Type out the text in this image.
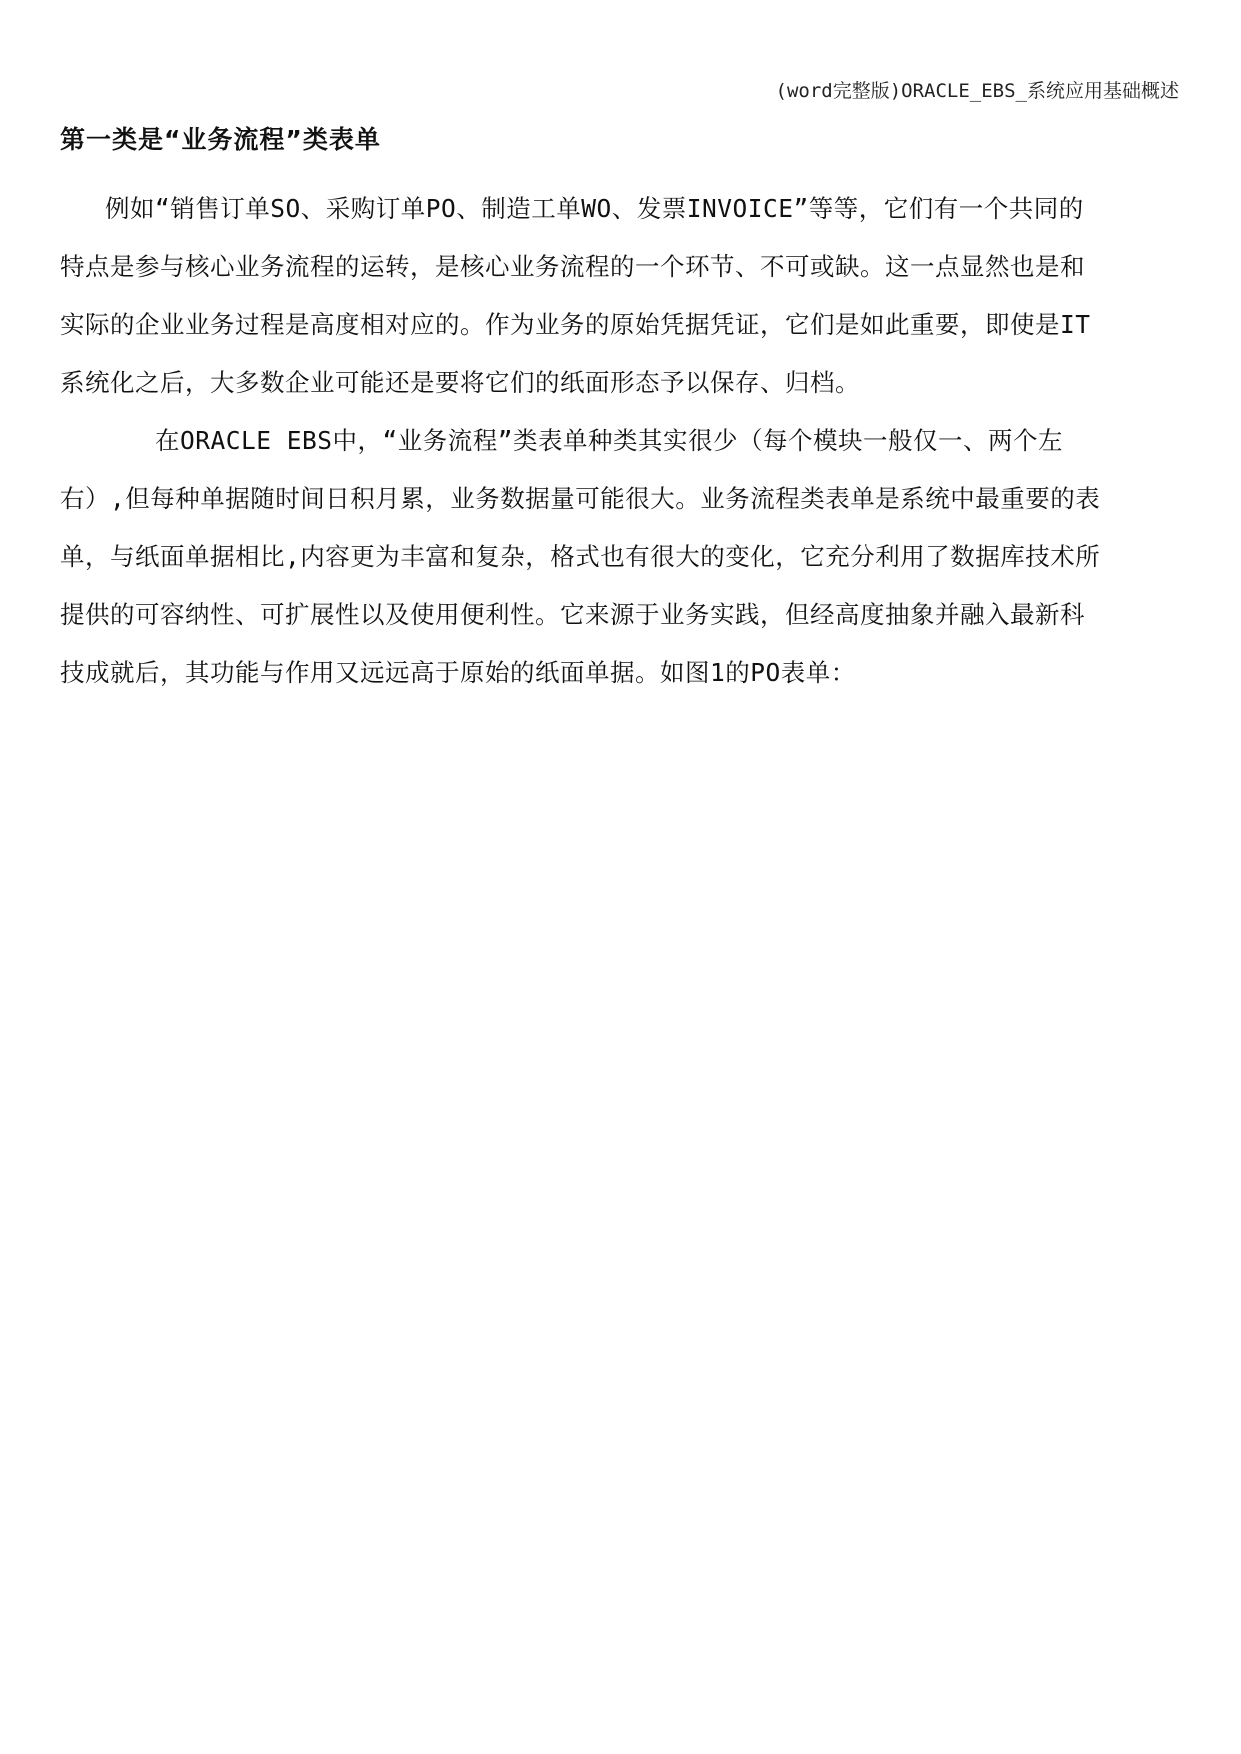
(word完整版)ORACLE_EBS_系统应用基础概述
第一类是“业务流程”类表单
例如“销售订单SO、采购订单PO、制造工单WO、发票INVOICE”等等，它们有一个共同的
特点是参与核心业务流程的运转，是核心业务流程的一个环节、不可或缺。这一点显然也是和
实际的企业业务过程是高度相对应的。作为业务的原始凭据凭证，它们是如此重要，即使是IT
系统化之后，大多数企业可能还是要将它们的纸面形态予以保存、归档。
在ORACLE EBS中，“业务流程”类表单种类其实很少（每个模块一般仅一、两个左
右）,但每种单据随时间日积月累，业务数据量可能很大。业务流程类表单是系统中最重要的表
单，与纸面单据相比,内容更为丰富和复杂，格式也有很大的变化，它充分利用了数据库技术所
提供的可容纳性、可扩展性以及使用便利性。它来源于业务实践，但经高度抽象并融入最新科
技成就后，其功能与作用又远远高于原始的纸面单据。如图1的PO表单：
